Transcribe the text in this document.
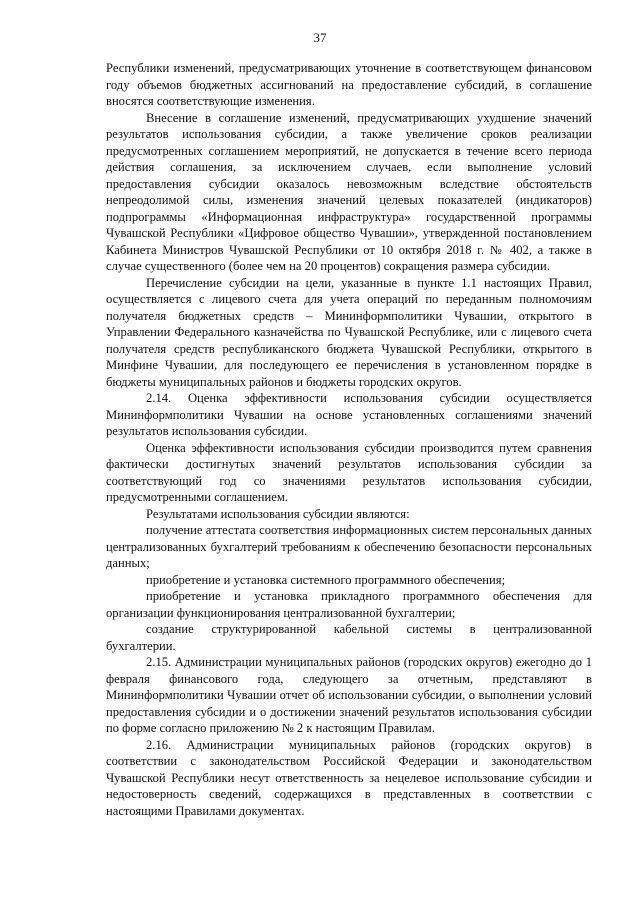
37

Республики изменений, предусматривающих уточнение в соответствующем финансовом году объемов бюджетных ассигнований на предоставление субсидий, в соглашение вносятся соответствующие изменения.

Внесение в соглашение изменений, предусматривающих ухудшение значений результатов использования субсидии, а также увеличение сроков реализации предусмотренных соглашением мероприятий, не допускается в течение всего периода действия соглашения, за исключением случаев, если выполнение условий предоставления субсидии оказалось невозможным вследствие обстоятельств непреодолимой силы, изменения значений целевых показателей (индикаторов) подпрограммы «Информационная инфраструктура» государственной программы Чувашской Республики «Цифровое общество Чувашии», утвержденной постановлением Кабинета Министров Чувашской Республики от 10 октября 2018 г. № 402, а также в случае существенного (более чем на 20 процентов) сокращения размера субсидии.

Перечисление субсидии на цели, указанные в пункте 1.1 настоящих Правил, осуществляется с лицевого счета для учета операций по переданным полномочиям получателя бюджетных средств – Мининформполитики Чувашии, открытого в Управлении Федерального казначейства по Чувашской Республике, или с лицевого счета получателя средств республиканского бюджета Чувашской Республики, открытого в Минфине Чувашии, для последующего ее перечисления в установленном порядке в бюджеты муниципальных районов и бюджеты городских округов.

2.14. Оценка эффективности использования субсидии осуществляется Мининформполитики Чувашии на основе установленных соглашениями значений результатов использования субсидии.

Оценка эффективности использования субсидии производится путем сравнения фактически достигнутых значений результатов использования субсидии за соответствующий год со значениями результатов использования субсидии, предусмотренными соглашением.

Результатами использования субсидии являются:

получение аттестата соответствия информационных систем персональных данных централизованных бухгалтерий требованиям к обеспечению безопасности персональных данных;

приобретение и установка системного программного обеспечения;

приобретение и установка прикладного программного обеспечения для организации функционирования централизованной бухгалтерии;

создание структурированной кабельной системы в централизованной бухгалтерии.

2.15. Администрации муниципальных районов (городских округов) ежегодно до 1 февраля финансового года, следующего за отчетным, представляют в Мининформполитики Чувашии отчет об использовании субсидии, о выполнении условий предоставления субсидии и о достижении значений результатов использования субсидии по форме согласно приложению № 2 к настоящим Правилам.

2.16. Администрации муниципальных районов (городских округов) в соответствии с законодательством Российской Федерации и законодательством Чувашской Республики несут ответственность за нецелевое использование субсидии и недостоверность сведений, содержащихся в представленных в соответствии с настоящими Правилами документах.
